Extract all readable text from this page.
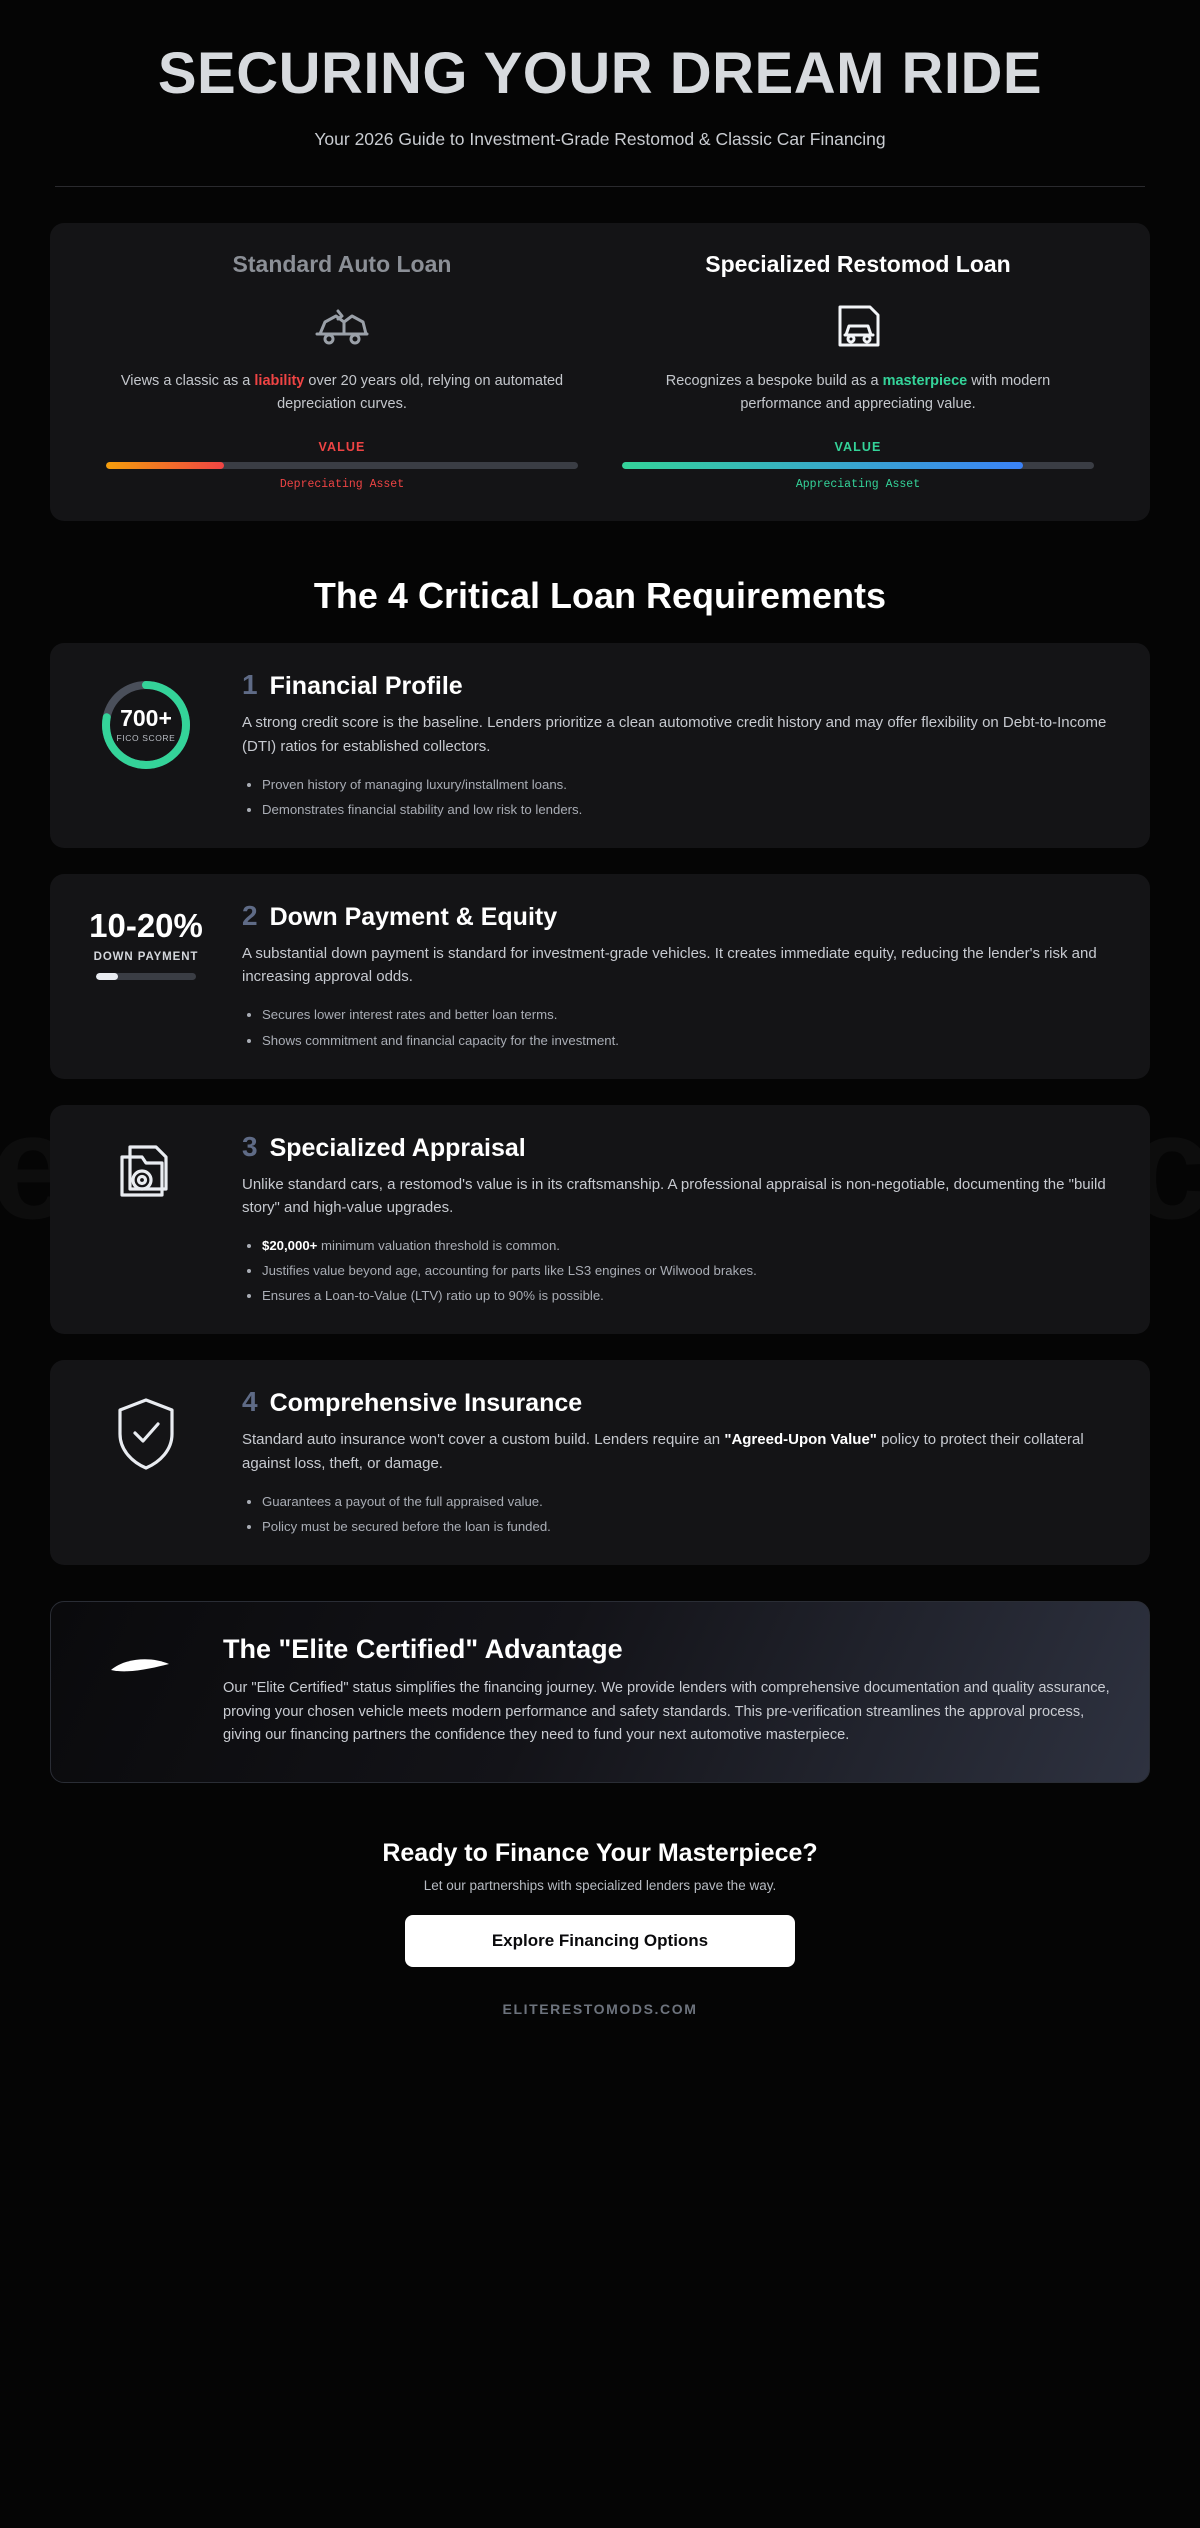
SECURING YOUR DREAM RIDE
Your 2026 Guide to Investment-Grade Restomod & Classic Car Financing
Standard Auto Loan
Views a classic as a liability over 20 years old, relying on automated depreciation curves.
VALUE
Depreciating Asset
Specialized Restomod Loan
Recognizes a bespoke build as a masterpiece with modern performance and appreciating value.
VALUE
Appreciating Asset
The 4 Critical Loan Requirements
700+
FICO SCORE
1 Financial Profile

A strong credit score is the baseline. Lenders prioritize a clean automotive credit history and may offer flexibility on Debt-to-Income (DTI) ratios for established collectors.

• Proven history of managing luxury/installment loans.
• Demonstrates financial stability and low risk to lenders.
10-20%
DOWN PAYMENT
2 Down Payment & Equity

A substantial down payment is standard for investment-grade vehicles. It creates immediate equity, reducing the lender's risk and increasing approval odds.

• Secures lower interest rates and better loan terms.
• Shows commitment and financial capacity for the investment.
3 Specialized Appraisal

Unlike standard cars, a restomod's value is in its craftsmanship. A professional appraisal is non-negotiable, documenting the "build story" and high-value upgrades.

• $20,000+ minimum valuation threshold is common.
• Justifies value beyond age, accounting for parts like LS3 engines or Wilwood brakes.
• Ensures a Loan-to-Value (LTV) ratio up to 90% is possible.
4 Comprehensive Insurance

Standard auto insurance won't cover a custom build. Lenders require an "Agreed-Upon Value" policy to protect their collateral against loss, theft, or damage.

• Guarantees a payout of the full appraised value.
• Policy must be secured before the loan is funded.
The "Elite Certified" Advantage

Our "Elite Certified" status simplifies the financing journey. We provide lenders with comprehensive documentation and quality assurance, proving your chosen vehicle meets modern performance and safety standards. This pre-verification streamlines the approval process, giving our financing partners the confidence they need to fund your next automotive masterpiece.

Ready to Finance Your Masterpiece?
Let our partnerships with specialized lenders pave the way.
Explore Financing Options
ELITERESTOMODS.COM
